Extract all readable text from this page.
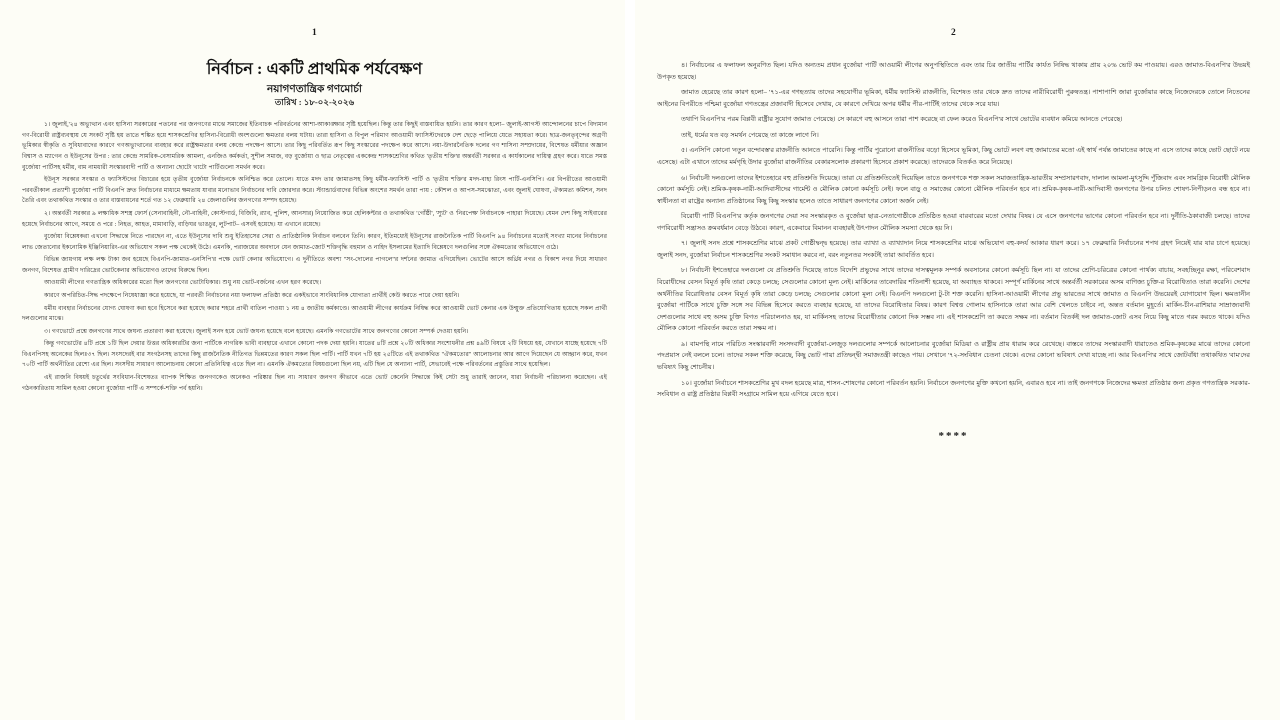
1
নির্বাচন : একটি প্রাথমিক পর্যবেক্ষণ
নয়াগণতান্ত্রিক গণমোর্চা
তারিখ : ১৮-০২-২০২৬

১। জুলাই,'২৪ অভ্যুত্থান এবং হাসিনা সরকারের পতনের পর জনগণের মাঝে সমাজের ইতিবাচক পরিবর্তনের আশা-আকাঙ্ক্ষার সৃষ্টি হয়েছিল। কিন্তু তার কিছুই বাস্তবায়িত হয়নি। তার কারণ হলো– জুলাই-আগস্ট আন্দোলনের চাপে বিদ্যমান গণ-বিরোধী রাষ্ট্রব্যবস্থায় যে সংকট সৃষ্টি হয় তাতে শঙ্কিত হয়ে শাসকশ্রেণির হাসিনা-বিরোধী অংশগুলো ক্ষমতার বলয় ঘটায়। তারা হাসিনা ও বিপুল পরিমাণ আওয়ামী ফ্যাসিস্টদেরকে দেশ ছেড়ে পালিয়ে যেতে সহায়তা করে। ছাত্র-জনতৃবৃন্দের অগ্রণী ভূমিকার স্বীকৃতি ও সুবিধাবাদের কারণে গণঅভ্যুত্থানের ব্যবহার করে রাষ্ট্রক্ষমতার বলয় কেন্দ্রে পদক্ষেপ আসে। তার কিছু পরিবর্তিত রূপ কিছু সংস্কারের পদক্ষেপ করে আসে। নয়া-উদারনৈতিক দলের গণ শাসিনা সম্প্রদায়ের, বিশেষত ধর্মীয়ার অজ্ঞান বিশ্বাস ও ম্যাগেন ও ইউনূসের উপর : তার কেন্দ্রে সামরিক-বেসামরিক আমলা, এনজিও কর্মকর্তা, সুশীল সমাজ, বড় বুর্জোয়া ও ছাত্র নেতৃত্বের এককেন্দ্র শাসকশ্রেণির কথিত 'তৃতীয় শক্তি'র অন্তর্বর্তী সরকার এ কার্যকালের দায়িত্ব গ্রহণ করে। যাতে সমস্ত বুর্জোয়া পার্টিসহ ধর্মীয়, বাম নামধারী সংস্কারবাদী পার্টি ও অন্যান্য ছোটো খাটো পার্টিগুলো সমর্থন করে।

ইউনূস সরকার সংস্কার ও ফ্যাসিস্টদের বিচারের হয়ে তৃতীয় বুর্জোয়া নির্বাচনকে অনিশ্চিত করে তোলে। যাতে মদদ তার জামাতসহ কিছু ধর্মীয়-ফ্যাসিস্ট পার্টি ও 'তৃতীয় শক্তি'র মদদ-বাহ্য রিংস পার্টি-এনসিপি। এর বিপরীতের আওয়ামী পরবর্তীকাল প্রত্যাশী বুর্জোয়া পার্টি বিএনপি দ্রুত নির্বাচনের মাধ্যমে ক্ষমতায় যাবার মনোভাব নির্বাচনের দাবি জোরদার করে। স্ট্যান্ডার্ডবাদের বিভিন্ন অংশের সমর্থন তারা পায় : কৌশল ও আপস-সমঝোতা, এবং জুলাই ঘোষণা, ঐক্যমত্য কমিশন, সনদ তৈরি এবং তথাকথিত সংস্কার ও তার বাস্তবায়নের শর্তে গত ১২ ফেব্রুয়ারি ২৪ জেলাগুলির জনগণের সম্পদ হয়েছে।

২। অন্তর্বর্তী সরকার ৯ লক্ষাধিক সশস্ত্র ফোর্স (সেনাবাহিনী, নৌ-বাহিনী, কোস্টগার্ড, বিজিবি, র‍্যাব, পুলিশ, আনসার) নিয়োজিত করে হেলিকপ্টার ও তথাকথিত 'গোঁষ্ঠী', 'স্যুট' ও 'নিরপেক্ষ' নির্বাচনকে পাহারা দিয়েছে। যেমন দেশ কিছু সাইবারের হয়েছে নির্বাচনের আগে, সময়ে ও পরে : নিহত, আহত, মামাবাড়ি, বাড়িঘর ভাঙচুর, লুটপাট– এসবই হয়েছে। যা এখানে রয়েছে।

বুর্জোয়া বিশ্লেষকরা এখনো সিদ্ধান্তে নিতে পারছেন না, এতে ইউনূসের দাবি শুধু ইতিহাসের সেরা ও প্রাতিষ্ঠানিক নির্বাচন বলবেন তিনি। কারণ, ইতিমধ্যেই ইউনূসের রাজনৈতিক পার্টি বিএনপি ৯৪ নির্বাচনের মতোই সংখ্যা মানের নির্বাচনের লাভ জেতানোর ইকনোমিক ইঞ্জিনিয়ারিং-এর অভিযোগ সকল পক্ষ থেকেই উঠে। এমনকি, পরাজয়ের অবদানে যেন জামাত-জোট শক্তিবৃদ্ধি বহুমান ও নাহিদ ইসলামের ইত্যাদি বিশ্লেষণে দলগুলির সঙ্গে ঐকমত্যের অভিযোগে ওঠে।

বিভিন্ন জায়গায় লক্ষ লক্ষ টাকা জব হয়েছে বিএনপি-জামাত-এনসিপি'র পক্ষে ভোট কেনার অভিযোগে। এ দুর্নীতিতে অবশ্য "সং-দোলের পাগলে"র দর্শনের জামাত এগিয়েছিল। ভোটের আসে অর্থ্রিয় নগর ও বিকাশ নগর দিয়ে সাধারণ জনগণ, বিশেষত গ্রামীণ দারিদ্রের ভোটকেনার অভিযোগও তাদের বিরুদ্ধে ছিল।

আওয়ামী লীগের গণতান্ত্রিক অধিকারের মতো ছিল জনগণের ভোটাধিকার। শুধু নয় ভোট-বর্জনের এখন হরণ করেছে।

কারণে অপরিচিত-সিদ্ধ পদক্ষেপে নিষেধাজ্ঞা করে হয়েছে, যা পরবর্তী নির্বাচনের নয়া ফলাফল প্রতিষ্ঠা করে একইভাবে সাংবিধানিক যোগ্যতা প্রার্থীই কেউ করতে পারে দেয়া হয়নি।

ধর্মীয় ব্যবহার নির্বাচনের যোগ্য ঘোষণা করা হবে হিসেবে করা হয়েছে করার শহরে প্রার্থী বাতিল পাওয়া ১ নয় ৪ জাতীয় কর্মকাণ্ডে। আওয়ামী লীগের কার্যক্রম নিষিদ্ধ করে আওয়ামী ভোট কেনার এক উন্মুক্ত প্রতিযোগিতায় হয়েছে সকল প্রার্থী দলগুলোর মাঝে।

৩। গণভোটে প্রশ্নে জনগণের সাথে জঘন্য প্রতারণা করা হয়েছে। জুলাই সনদ হয়ে ভোট জঘন্য হয়েছে বলে হয়েছে। এমনকি গণভোটের সাথে জনগণের কোনো সম্পর্ক দেওয়া হয়নি।

কিন্তু গণভোটের ৪টি প্রশ্নে ১টি ছিল দেয়ার উত্তর অধিকারটির জন্য পার্টিকে নাগরিক ভাবী ব্যবহারে এখানে কোনো পদক দেয়া হয়নি। যাতের ৪টি প্রশ্নে ২০টি অধিকার সংশোধনীর প্রশ্ন ৪৯টি বিষয়ে ২টি বিষয়ে হয়, যেখানে যাচ্ছে হয়েছে ৭টি বিএনপিসহ অনেকের ছিলঃ৩৭ ছিল। সংসদেরই বার সংগঠনসহ তাদের কিছু রাজনৈতিক নীতিগত ভিন্নমতের কারণ সকল ছিল পার্টি। পার্টি যখন ৭টি হয় ২৫টিতে এই তথাকথিত "ঐকমত্যের" আলোচনার আর আগে দিয়েছেন যে আহ্বান করে, যখন ৭০টি পার্টি অর্থনীতির রেশ্যে এর ছিল। সংসদীয় সাধারণ আলোচনায় কোনো প্রতিনিধিত্ব এতে ছিল না। এমনকি ঐকমত্যের বিষয়গুলো ছিল নয়, এটি ছিল যে অন্যান্য পার্টি, সেভাবেই পক্ষে পরিবর্তনের প্রস্তুতির সাথে হয়েছিল।

এই রাজনি বিষয়ই চতুর্থের সংবিধান-বিশেষতঃ ব্যাপক শিক্ষিত জনগণকেও অনেকও পরিষ্কার ছিল না। সাধারণ জনগণ কীভাবে এতে ভোট কেনেনি সিদ্ধান্তে কিই সেটা শুধু তারাই জানেন, যারা নির্বাচনী পরিচালনা করেছেন। এই গঠনকারিতায় সামিল হওয়া কোনো বুর্জোয়া পার্টি এ সম্পর্কে-শক্তি পর্ব হয়নি।

2

৪। নির্বাচনের এ ফলাফল অনুরণিত ছিল। যদিও অন্যতম প্রধান বুর্জোয়া পার্টি আওয়ামী লীগের অনুপস্থিতিতে এবং তার চির জাতীয় পার্টির কার্যত নিষিদ্ধ থাকায় প্রায় ২০% ভোট কম পাওয়ায়। এরও জামাত-বিএনপি'র উভয়ই উপকৃত হয়েছে।

জামাত হেরেছে তার কারণ হলো– '৭১-এর গণহত্যায় তাদের সহযোগীর ভূমিকা, ধর্মীয় ফ্যাসিস্ট রাজনীতি, বিশেষত তার থেকে দ্রুত তাদের নারীবিরোধী পুরুষতন্ত্র। পাশাপাশি জারা বুর্জোয়ার কাছে নিজেদেরকে তোলে নিতেনের আইনের বিপরীতে পশ্চিমা বুর্জোয়া গণতন্ত্রের প্রজাবাদী হিসেবে দেখায়, যে কারণে দেখিয়ে অপর ধর্মীয় পীর-পার্টিই তাদের থেকে সরে যায়।

তথাপি বিএনপি'র পরম বিপ্লবী রাষ্ট্রীর সুযোগ জামাত পেয়েছে। সে কারণে বহু আসনে তারা পাশ করেছে বা ফেল করেও বিএনপি'র সাথে ভোটের ব্যবধান কমিয়ে আনতে পেরেছে।

তাই, ধর্মের যত বড় সমর্থন পেয়েছে তা কাজে লাগে নি।

৫। এনসিপি কোনো 'নতুন বন্দোবস্ত'র রাজনীতি আনতে পারেনি। কিন্তু পার্টির পুরোনো রাজনীতির বড়ো হিসেবে ভূমিকা, কিছু ভোটে লবণ বহু জামাতের মতো এই স্বার্থ পর্যন্ত জামাতের কাছে না এসে তাদের কাছে ভোট ছোটে নয়ে এসেছে। এটা এখানে তাদের মর্মগৃহি উদার বুর্জোয়া রাজনীতির বেকারসলোক প্রকারণা হিসেবে প্রকাশ করেছে। তাদেরকে বিতর্কও করে নিয়েছে।

৬। নির্বাচনী দলগুলো তাদের ইশতেহারে বহু প্রতিশ্রুতি দিয়েছে। তারা যে প্রতিশ্রুতিতেই দিয়েছিল তাতে জনগণকে শক্ত সকল সমাজতান্ত্রিক-ভারতীয় সম্প্রসারণবাদ, দালাল আমলা-মুৎসুদ্দি পুঁজিবাদ এবং সামগ্রিক বিরোধী মৌলিক কোনো কর্মসূচি নেই। শ্রমিক-কৃষক-নারী-আদিবাসীদের গার্মেন্ট ও মৌলিক কোনো কর্মসূচি নেই। ফলে বাড়ু ও সমাজের কোনো মৌলিক পরিবর্তন হবে না। শ্রমিক-কৃষক-নারী-আদিবাসী জনগণের উপর চলিত শোষণ-নিপীড়নও বন্ধ হবে না। স্বাধীনতা বা রাষ্ট্রের অন্যান্য প্রতিষ্ঠানের কিছু কিছু সংস্কার হলেও তাতে সাধারণ জনগণের কোনো অর্জন নেই।

বিরোধী পার্টি বিএনপি'র কর্তৃক জনগণের দেয়া সব সংস্কারকৃত ও বুর্জোয়া ছাত্র-নেতাগোষ্ঠীকে প্রতিষ্ঠিত হওয়া বারবারের মতো দেখার বিষয়। যে এসে জনগণের ভাগের কোনো পরিবর্তন হবে না। দুর্নীতি-ঠকাবাজী চলছে। তাদের গণবিরোধী সন্ত্রাসও ক্রমবর্ধমান বেড়ে উঠবে। কারণ, একেবারে বিমানন ব্যবহারই উৎপাদন মৌলিক সমস্যা থেকে হয় নি।

৭। জুলাই সনদ প্রশ্নে শাসকশ্রেণির মাঝে প্রকট গোষ্ঠীদ্বন্দ্ব হয়েছে। তার ব্যাখ্যা ও ব্যাখ্যাদান নিয়ে শাসকশ্রেণির মাঝে অভিযোগ বহু-কদর্য আকার ধারণ করে। ১৭ ফেব্রুয়ারি নির্বাচনের শপথ গ্রহণ নিয়েই যার যার চাপে হয়েছে। জুলাই সনদ, বুর্জোয়া নির্বাচন শাসকশ্রেণির সংকট সমাধান করবে না, বরং নতুনতর সংকটই তারা আবর্তিত হবে।

৮। নির্বাচনী ইশতেহারে দলগুলো যে প্রতিশ্রুতি দিয়েছে তাতে বিদেশি প্রভুদের সাথে তাদের দাসত্বমূলক সম্পর্ক অবসানের কোনো কর্মসূচি ছিল না। যা তাদের শ্রেণি-চরিত্রের কোনো পার্থক্য বাচায়, সবহচ্ছিনুর রক্ষা, পরিবেশবাদ বিরোধীদের বেসন বিমূর্ত কৃষি তারা কেড়ে চলছে; সেগুলোর কোনো মূল্য নেই। মার্কিনের তাবেদারির শতিনাশী হয়েছে, যা অব্যাহত থাকবে। সম্পূর্ণ মার্কিনের সাথে অন্তর্বর্তী সরকারের অসম বাণিজ্য চুক্তি-র বিরোধিতাও তারা করেনি। দেশের অর্থনীতির বিরোধিতার বেসন বিমূর্ত কৃষি তারা কেড়ে চলছে; সেগুলোর কোনো মূল্য নেই। বিএনপি দলগুলো টু-টা শক্ত করেনি। হাসিনা-আওয়ামী লীগের প্রভু ভারতের সাথে জামাত ও বিএনপি উভয়েরই যোগাযোগ ছিল। ক্ষমতানীন বুর্জোয়া পার্টিকে সাথে চুক্তি সঙ্গে সব বিভিন্ন হিসেবে করতে ব্যবহার হয়েছে, যা তাদের বিরোধিতার বিষয়। কারণ বিশ্বত্ত গোলাম হাসিনাকে তারা আর বেশি খেলতে চাইবে না, অন্তত বর্তমান মুহূর্তে। মার্কিন-চীন-রাশিয়ার সাম্রাজ্যবাদী দেশগুলোর সাথে বহু অসম চুক্তি বিগত পরিচালনাও হয়, যা মার্কিনসহ তাদের বিরোধীতার কোনো দিক সম্ভব না। এই শাসকশ্রেণি তা করতে সক্ষম না। বর্তমান বিতর্কই দল জামাত-জোট এসব নিয়ে কিছু মাতে গরম করতে থাকে। যদিও মৌলিক কোনো পরিবর্তন করতে তারা সক্ষম না।

৯। বামপন্থি নামে পরিচিত সংস্কারবাদী সংসদবাদী বুর্জোয়া-লেজুড় দলগুলোর সম্পর্কে আলোচনার বুর্জোয়া মিডিয়া ও রাষ্ট্রীয় প্রায় ধারাম করে রেখেছে। বাস্তবে তাদের সংস্কারবাদী ধারাতেও শ্রমিক-কৃষকের মাঝে তাদের কোনো পদপ্রয়াস নেই বললে চলে। তাদের সকল শক্তি করেছে, কিছু ভোট পায়া প্রতিদ্বন্দ্বী সমাজতন্ত্রী কাছেও পায়। সেখানে '৭২-সংবিধান চেতনা থেকে। এদের কোনো ভবিষ্যৎ দেখা যাচ্ছে না। আর বিএনপি'র সাথে জোটবাঁধা তথাকথিত 'বাম'দের ভবিষ্যৎ কিছু শোচনীয়।

১০। বুর্জোয়া নির্বাচনে শাসকশ্রেণির মুখ বদল হয়েছে মাত্র, শাসন-শোষণের কোনো পরিবর্তন হয়নি। নির্বাচনে জনগণের মুক্তি কখনো হয়নি, এবারও হবে না। তাই জনগণকে নিজেদের ক্ষমতা প্রতিষ্ঠার জন্য প্রকৃত গণতান্ত্রিক সরকার-সংবিধান ও রাষ্ট্র প্রতিষ্ঠার বিপ্লবী সংগ্রামে সামিল হয়ে এগিয়ে যেতে হবে।

****
